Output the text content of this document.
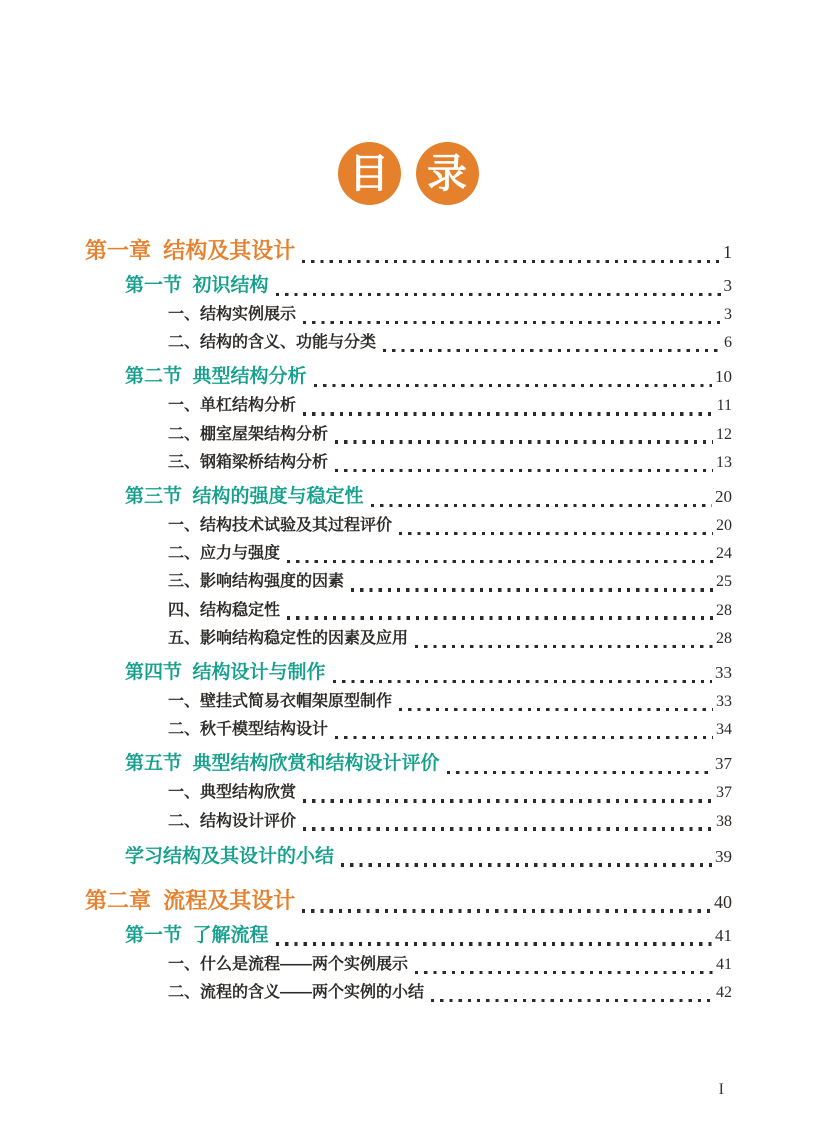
目 录
第一章  结构及其设计	1
第一节  初识结构	3
一、结构实例展示	3
二、结构的含义、功能与分类	6
第二节  典型结构分析	10
一、单杠结构分析	11
二、棚室屋架结构分析	12
三、钢箱梁桥结构分析	13
第三节  结构的强度与稳定性	20
一、结构技术试验及其过程评价	20
二、应力与强度	24
三、影响结构强度的因素	25
四、结构稳定性	28
五、影响结构稳定性的因素及应用	28
第四节  结构设计与制作	33
一、壁挂式简易衣帽架原型制作	33
二、秋千模型结构设计	34
第五节  典型结构欣赏和结构设计评价	37
一、典型结构欣赏	37
二、结构设计评价	38
学习结构及其设计的小结	39
第二章  流程及其设计	40
第一节  了解流程	41
一、什么是流程——两个实例展示	41
二、流程的含义——两个实例的小结	42
I
